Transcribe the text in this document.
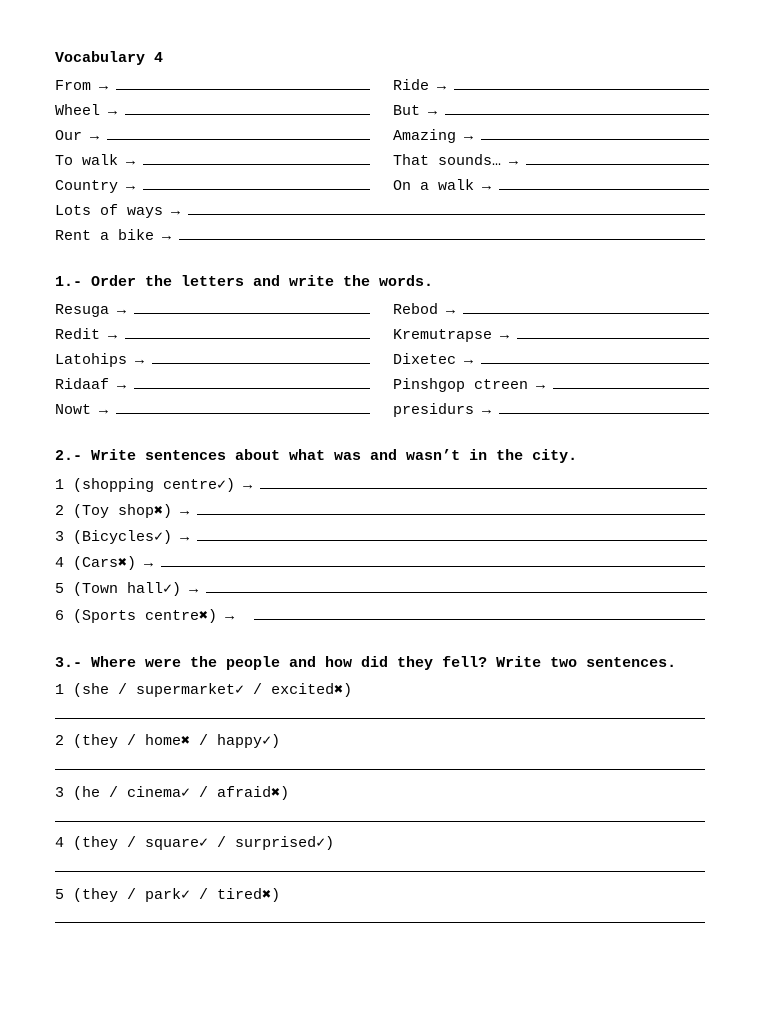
Vocabulary 4
From →
Wheel →
Our →
To walk →
Country →
Ride →
But →
Amazing →
That sounds… →
On a walk →
Lots of ways →
Rent a bike →
1.- Order the letters and write the words.
Resuga →
Redit →
Latohips →
Ridaaf →
Nowt →
Rebod →
Kremutrapse →
Dixetec →
Pinshgop ctreen →
presidurs →
2.- Write sentences about what was and wasn’t in the city.
1 (shopping centre✓) →
2 (Toy shop✖) →
3 (Bicycles✓) →
4 (Cars✖) →
5 (Town hall✓) →
6 (Sports centre✖) →
3.- Where were the people and how did they fell? Write two sentences.
1 (she / supermarket✓ / excited✖)
2 (they / home✖ / happy✓)
3 (he / cinema✓ / afraid✖)
4 (they / square✓ / surprised✓)
5 (they / park✓ / tired✖)
